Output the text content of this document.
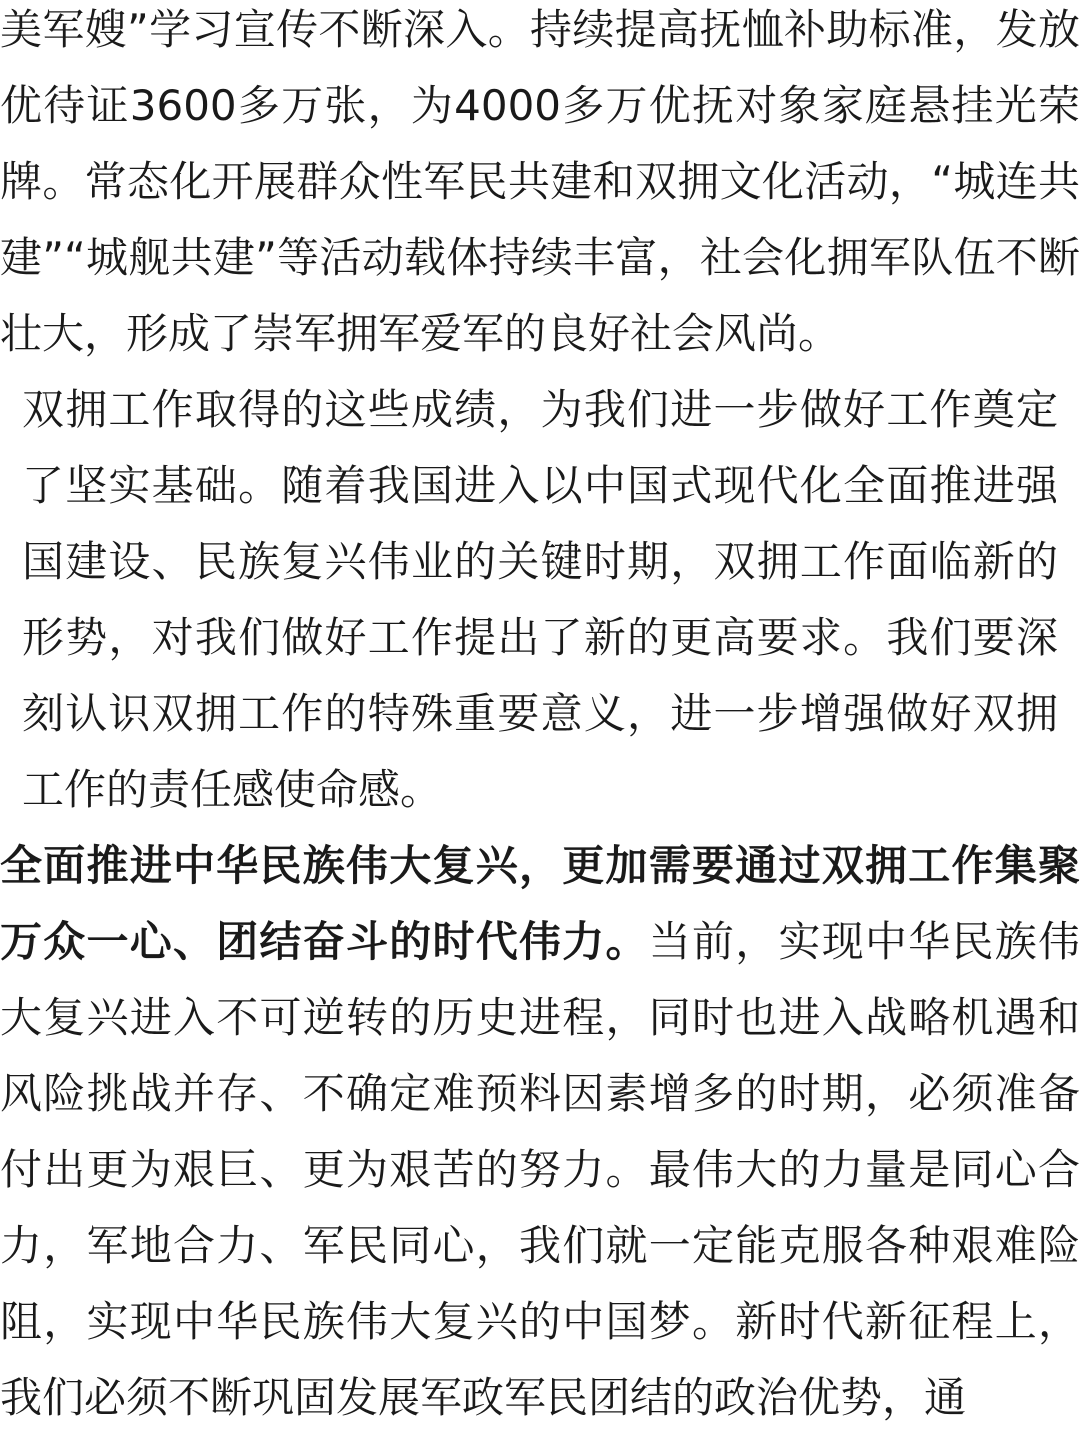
美军嫂”学习宣传不断深入。持续提高抚恤补助标准，发放优待证3600多万张，为4000多万优抚对象家庭悬挂光荣牌。常态化开展群众性军民共建和双拥文化活动，“城连共建”“城舰共建”等活动载体持续丰富，社会化拥军队伍不断壮大，形成了崇军拥军爱军的良好社会风尚。

双拥工作取得的这些成绩，为我们进一步做好工作奠定了坚实基础。随着我国进入以中国式现代化全面推进强国建设、民族复兴伟业的关键时期，双拥工作面临新的形势，对我们做好工作提出了新的更高要求。我们要深刻认识双拥工作的特殊重要意义，进一步增强做好双拥工作的责任感使命感。

全面推进中华民族伟大复兴，更加需要通过双拥工作集聚万众一心、团结奋斗的时代伟力。当前，实现中华民族伟大复兴进入不可逆转的历史进程，同时也进入战略机遇和风险挑战并存、不确定难预料因素增多的时期，必须准备付出更为艰巨、更为艰苦的努力。最伟大的力量是同心合力，军地合力、军民同心，我们就一定能克服各种艰难险阻，实现中华民族伟大复兴的中国梦。新时代新征程上，我们必须不断巩固发展军政军民团结的政治优势，通
